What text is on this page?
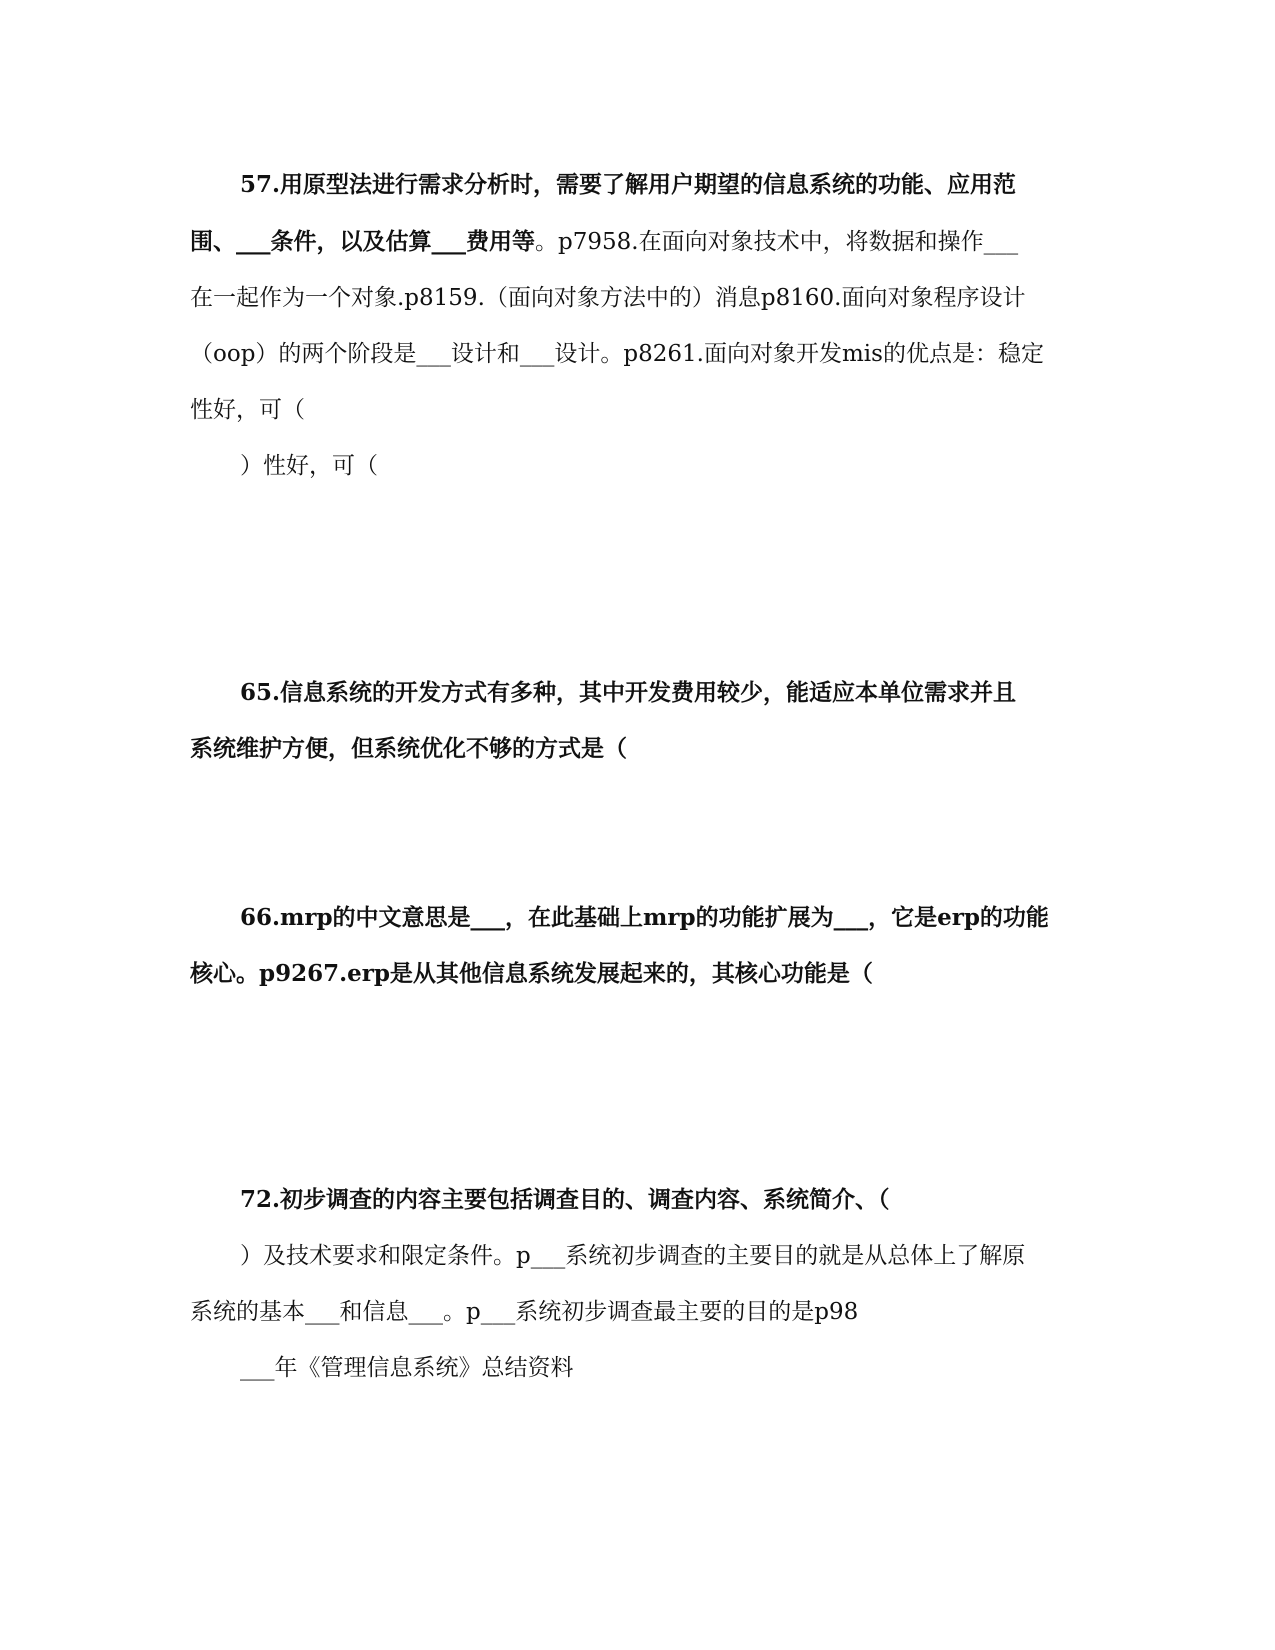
57.用原型法进行需求分析时，需要了解用户期望的信息系统的功能、应用范
围、___条件，以及估算___费用等。p7958.在面向对象技术中，将数据和操作___
在一起作为一个对象.p8159.（面向对象方法中的）消息p8160.面向对象程序设计
（oop）的两个阶段是___设计和___设计。p8261.面向对象开发mis的优点是：稳定
性好，可（
）性好，可（
65.信息系统的开发方式有多种，其中开发费用较少，能适应本单位需求并且
系统维护方便，但系统优化不够的方式是（
66.mrp的中文意思是___，在此基础上mrp的功能扩展为___，它是erp的功能
核心。p9267.erp是从其他信息系统发展起来的，其核心功能是（
72.初步调查的内容主要包括调查目的、调查内容、系统简介、（
）及技术要求和限定条件。p___系统初步调查的主要目的就是从总体上了解原
系统的基本___和信息___。p___系统初步调查最主要的目的是p98
___年《管理信息系统》总结资料
